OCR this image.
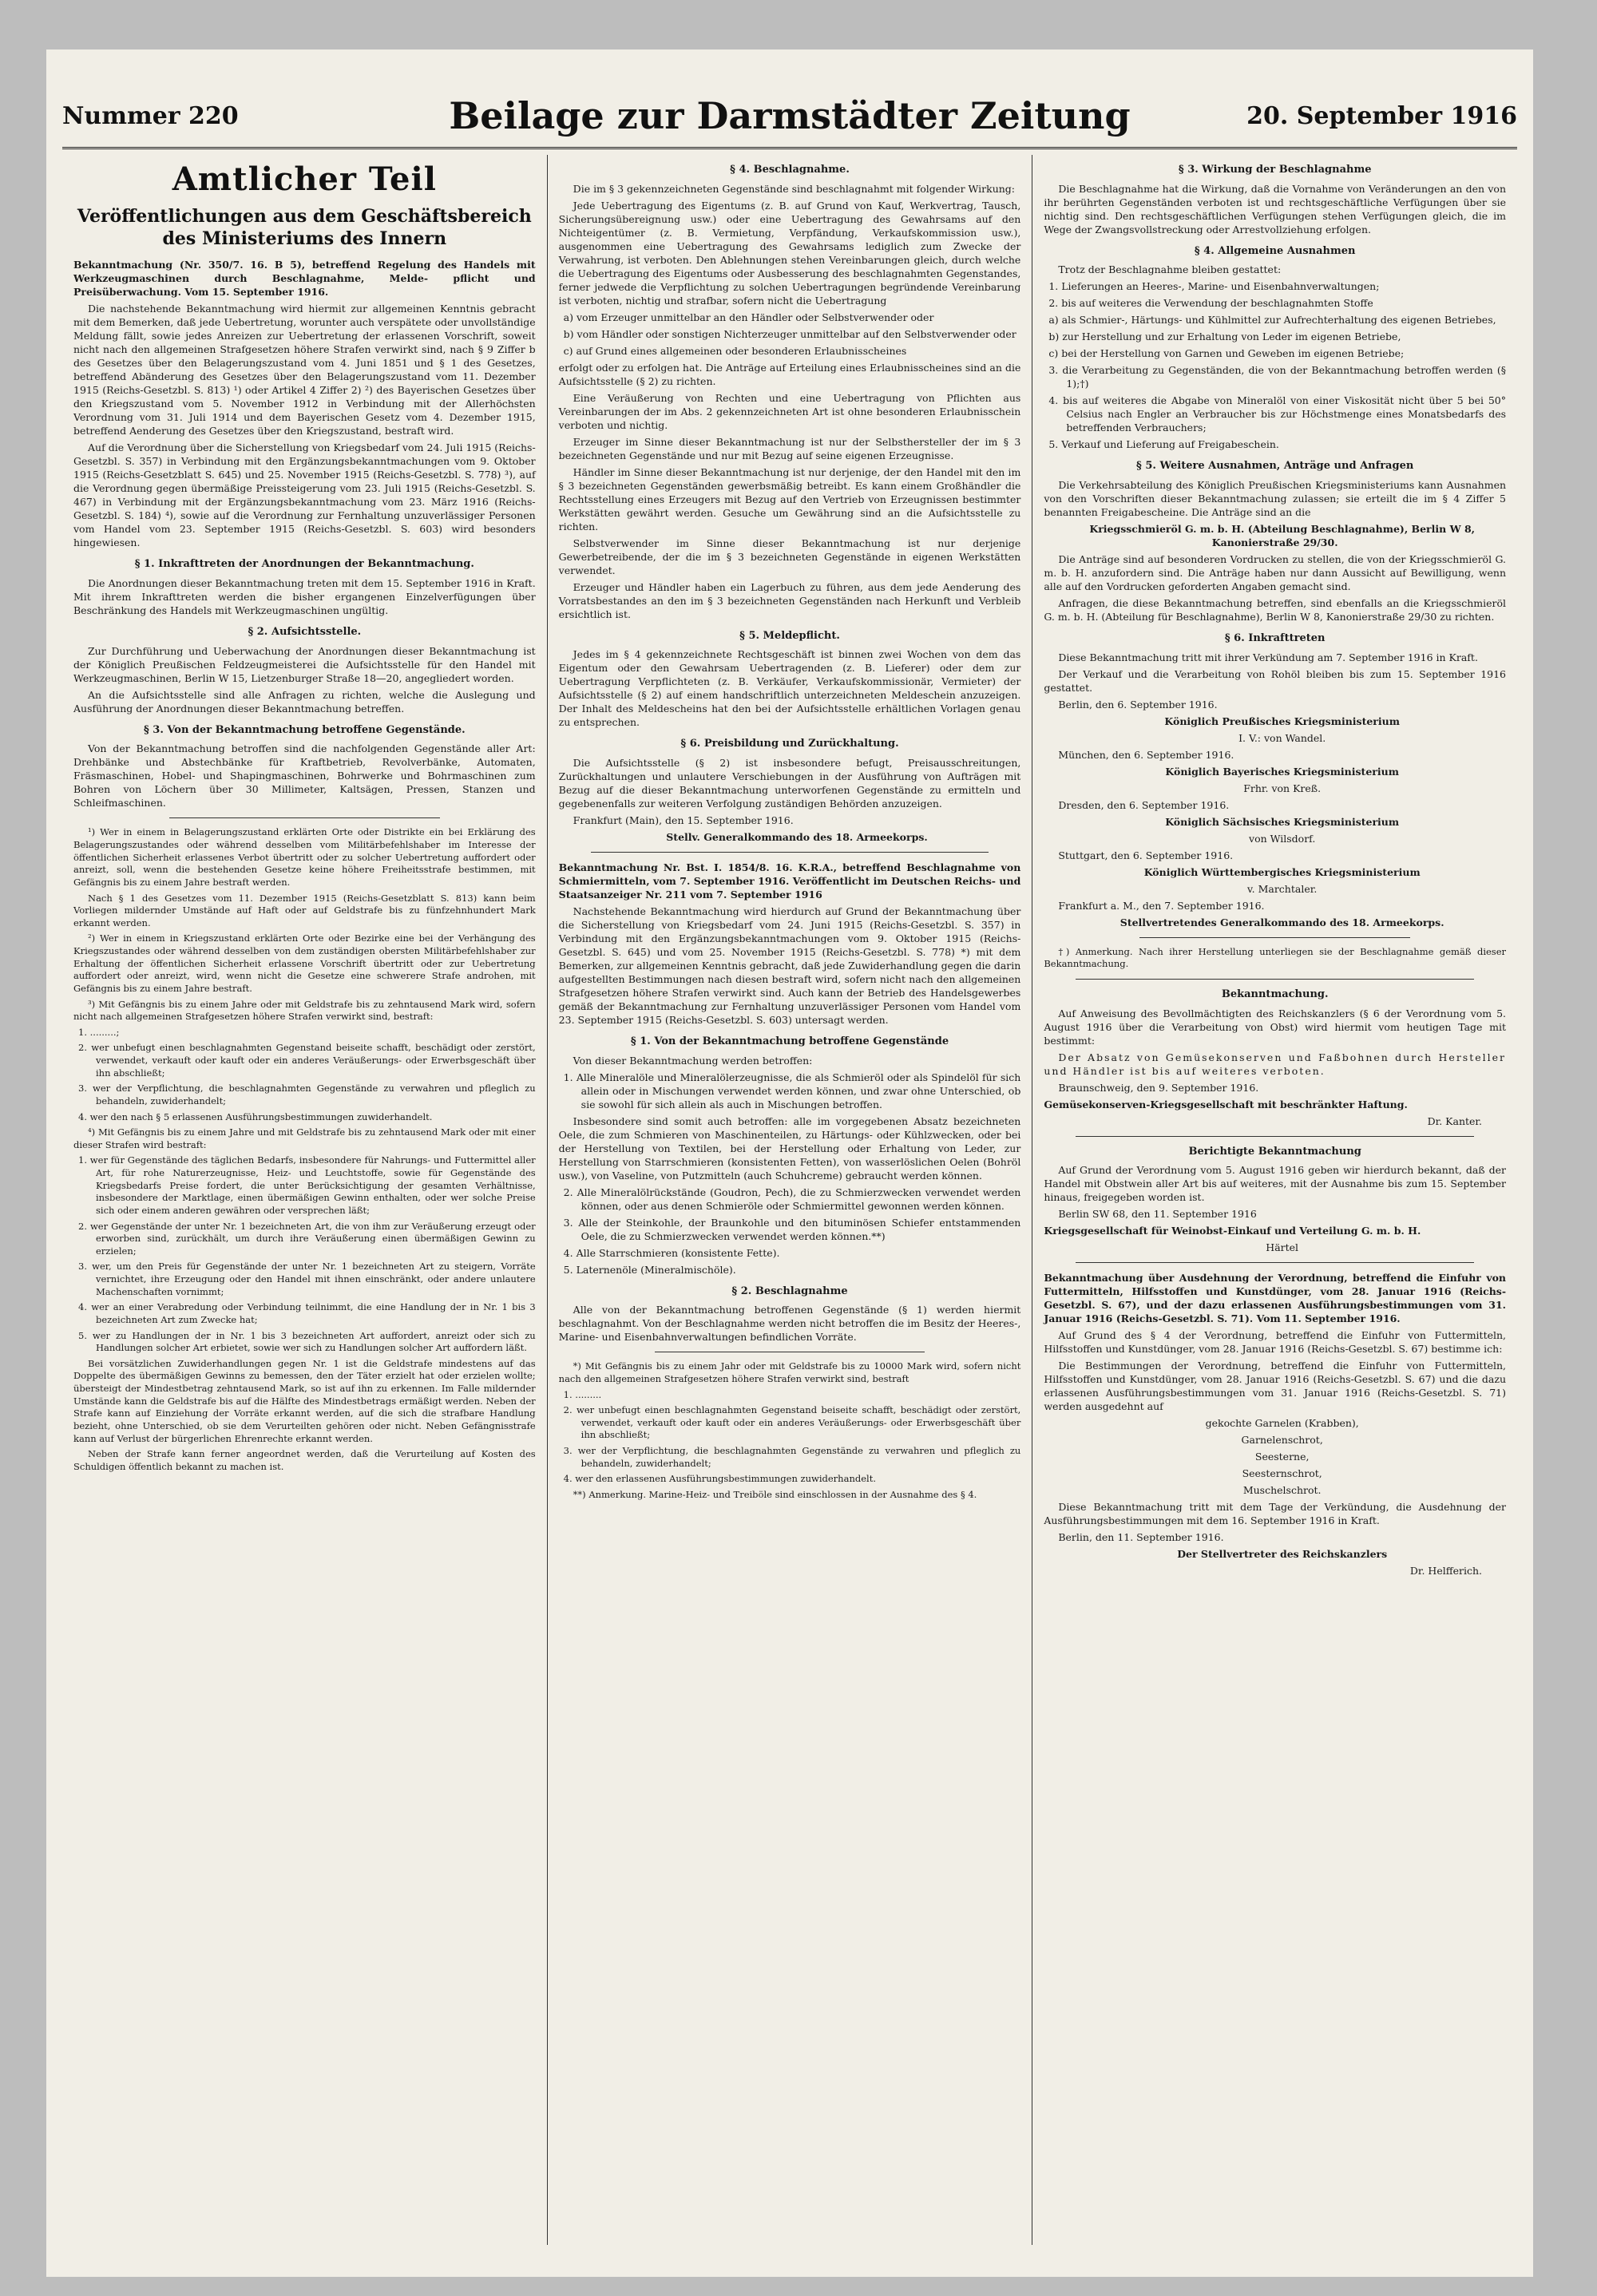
Nummer 220	Beilage zur Darmstädter Zeitung	20. September 1916
Amtlicher Teil
Veröffentlichungen aus dem Geschäftsbereich des Ministeriums des Innern

Bekanntmachung (Nr. 350/7. 16. B 5), betreffend Regelung des Handels mit Werkzeugmaschinen durch Beschlagnahme, Melde- pflicht und Preisüberwachung. Vom 15. September 1916.

Die nachstehende Bekanntmachung wird hiermit zur allgemeinen Kenntnis gebracht mit dem Bemerken, daß jede Uebertretung, worunter auch verspätete oder unvollständige Meldung fällt, sowie jedes Anreizen zur Uebertretung der erlassenen Vorschrift, soweit nicht nach den allgemeinen Strafgesetzen höhere Strafen verwirkt sind, nach § 9 Ziffer b des Gesetzes über den Belagerungszustand vom 4. Juni 1851 und § 1 des Gesetzes, betreffend Abänderung des Gesetzes über den Belagerungszustand vom 11. Dezember 1915 (Reichs-Gesetzbl. S. 813) ¹) oder Artikel 4 Ziffer 2) ²) des Bayerischen Gesetzes über den Kriegszustand vom 5. November 1912 in Verbindung mit der Allerhöchsten Verordnung vom 31. Juli 1914 und dem Bayerischen Gesetz vom 4. Dezember 1915, betreffend Aenderung des Gesetzes über den Kriegszustand, bestraft wird.

Auf die Verordnung über die Sicherstellung von Kriegsbedarf vom 24. Juli 1915 (Reichs-Gesetzbl. S. 357) in Verbindung mit den Ergänzungsbekanntmachungen vom 9. Oktober 1915 (Reichs-Gesetzblatt S. 645) und 25. November 1915 (Reichs-Gesetzbl. S. 778) ³), auf die Verordnung gegen übermäßige Preissteigerung vom 23. Juli 1915 (Reichs-Gesetzbl. S. 467) in Verbindung mit der Ergänzungsbekanntmachung vom 23. März 1916 (Reichs-Gesetzbl. S. 184) ⁴), sowie auf die Verordnung zur Fernhaltung unzuverlässiger Personen vom Handel vom 23. September 1915 (Reichs-Gesetzbl. S. 603) wird besonders hingewiesen.

§ 1. Inkrafttreten der Anordnungen der Bekanntmachung.

Die Anordnungen dieser Bekanntmachung treten mit dem 15. September 1916 in Kraft. Mit ihrem Inkrafttreten werden die bisher ergangenen Einzelverfügungen über Beschränkung des Handels mit Werkzeugmaschinen ungültig.

§ 2. Aufsichtsstelle.

Zur Durchführung und Ueberwachung der Anordnungen dieser Bekanntmachung ist der Königlich Preußischen Feldzeugmeisterei die Aufsichtsstelle für den Handel mit Werkzeugmaschinen, Berlin W 15, Lietzenburger Straße 18—20, angegliedert worden.

An die Aufsichtsstelle sind alle Anfragen zu richten, welche die Auslegung und Ausführung der Anordnungen dieser Bekanntmachung betreffen.

§ 3. Von der Bekanntmachung betroffene Gegenstände.

Von der Bekanntmachung betroffen sind die nachfolgenden Gegenstände aller Art: Drehbänke und Abstechbänke für Kraftbetrieb, Revolverbänke, Automaten, Fräsmaschinen, Hobel- und Shapingmaschinen, Bohrwerke und Bohrmaschinen zum Bohren von Löchern über 30 Millimeter, Kaltsägen, Pressen, Stanzen und Schleifmaschinen.

¹) Wer in einem in Belagerungszustand erklärten Orte oder Distrikte ein bei Erklärung des Belagerungszustandes oder während desselben vom Militärbefehlshaber im Interesse der öffentlichen Sicherheit erlassenes Verbot übertritt oder zu solcher Uebertretung auffordert oder anreizt, soll, wenn die bestehenden Gesetze keine höhere Freiheitsstrafe bestimmen, mit Gefängnis bis zu einem Jahre bestraft werden.

Nach § 1 des Gesetzes vom 11. Dezember 1915 (Reichs-Gesetzblatt S. 813) kann beim Vorliegen mildernder Umstände auf Haft oder auf Geldstrafe bis zu fünfzehnhundert Mark erkannt werden.

²) Wer in einem in Kriegszustand erklärten Orte oder Bezirke eine bei der Verhängung des Kriegszustandes oder während desselben von dem zuständigen obersten Militärbefehlshaber zur Erhaltung der öffentlichen Sicherheit erlassene Vorschrift übertritt oder zur Uebertretung auffordert oder anreizt, wird, wenn nicht die Gesetze eine schwerere Strafe androhen, mit Gefängnis bis zu einem Jahre bestraft.

³) Mit Gefängnis bis zu einem Jahre oder mit Geldstrafe bis zu zehntausend Mark wird, sofern nicht nach allgemeinen Strafgesetzen höhere Strafen verwirkt sind, bestraft:

1. .........;

2. wer unbefugt einen beschlagnahmten Gegenstand beiseite schafft, beschädigt oder zerstört, verwendet, verkauft oder kauft oder ein anderes Veräußerungs- oder Erwerbsgeschäft über ihn abschließt;

3. wer der Verpflichtung, die beschlagnahmten Gegenstände zu verwahren und pfleglich zu behandeln, zuwiderhandelt;

4. wer den nach § 5 erlassenen Ausführungsbestimmungen zuwiderhandelt.

⁴) Mit Gefängnis bis zu einem Jahre und mit Geldstrafe bis zu zehntausend Mark oder mit einer dieser Strafen wird bestraft:

1. wer für Gegenstände des täglichen Bedarfs, insbesondere für Nahrungs- und Futtermittel aller Art, für rohe Naturerzeugnisse, Heiz- und Leuchtstoffe, sowie für Gegenstände des Kriegsbedarfs Preise fordert, die unter Berücksichtigung der gesamten Verhältnisse, insbesondere der Marktlage, einen übermäßigen Gewinn enthalten, oder wer solche Preise sich oder einem anderen gewähren oder versprechen läßt;

2. wer Gegenstände der unter Nr. 1 bezeichneten Art, die von ihm zur Veräußerung erzeugt oder erworben sind, zurückhält, um durch ihre Veräußerung einen übermäßigen Gewinn zu erzielen;

3. wer, um den Preis für Gegenstände der unter Nr. 1 bezeichneten Art zu steigern, Vorräte vernichtet, ihre Erzeugung oder den Handel mit ihnen einschränkt, oder andere unlautere Machenschaften vornimmt;

4. wer an einer Verabredung oder Verbindung teilnimmt, die eine Handlung der in Nr. 1 bis 3 bezeichneten Art zum Zwecke hat;

5. wer zu Handlungen der in Nr. 1 bis 3 bezeichneten Art auffordert, anreizt oder sich zu Handlungen solcher Art erbietet, sowie wer sich zu Handlungen solcher Art auffordern läßt.

Bei vorsätzlichen Zuwiderhandlungen gegen Nr. 1 ist die Geldstrafe mindestens auf das Doppelte des übermäßigen Gewinns zu bemessen, den der Täter erzielt hat oder erzielen wollte; übersteigt der Mindestbetrag zehntausend Mark, so ist auf ihn zu erkennen. Im Falle mildernder Umstände kann die Geldstrafe bis auf die Hälfte des Mindestbetrags ermäßigt werden. Neben der Strafe kann auf Einziehung der Vorräte erkannt werden, auf die sich die strafbare Handlung bezieht, ohne Unterschied, ob sie dem Verurteilten gehören oder nicht. Neben Gefängnisstrafe kann auf Verlust der bürgerlichen Ehrenrechte erkannt werden.

Neben der Strafe kann ferner angeordnet werden, daß die Verurteilung auf Kosten des Schuldigen öffentlich bekannt zu machen ist.

§ 4. Beschlagnahme.

Die im § 3 gekennzeichneten Gegenstände sind beschlagnahmt mit folgender Wirkung:

Jede Uebertragung des Eigentums (z. B. auf Grund von Kauf, Werkvertrag, Tausch, Sicherungsübereignung usw.) oder eine Uebertragung des Gewahrsams auf den Nichteigentümer (z. B. Vermietung, Verpfändung, Verkaufskommission usw.), ausgenommen eine Uebertragung des Gewahrsams lediglich zum Zwecke der Verwahrung, ist verboten. Den Ablehnungen stehen Vereinbarungen gleich, durch welche die Uebertragung des Eigentums oder Ausbesserung des beschlagnahmten Gegenstandes, ferner jedwede die Verpflichtung zu solchen Uebertragungen begründende Vereinbarung ist verboten, nichtig und strafbar, sofern nicht die Uebertragung

a) vom Erzeuger unmittelbar an den Händler oder Selbstverwender oder

b) vom Händler oder sonstigen Nichterzeuger unmittelbar auf den Selbstverwender oder

c) auf Grund eines allgemeinen oder besonderen Erlaubnisscheines

erfolgt oder zu erfolgen hat. Die Anträge auf Erteilung eines Erlaubnisscheines sind an die Aufsichtsstelle (§ 2) zu richten.

Eine Veräußerung von Rechten und eine Uebertragung von Pflichten aus Vereinbarungen der im Abs. 2 gekennzeichneten Art ist ohne besonderen Erlaubnisschein verboten und nichtig.

Erzeuger im Sinne dieser Bekanntmachung ist nur der Selbsthersteller der im § 3 bezeichneten Gegenstände und nur mit Bezug auf seine eigenen Erzeugnisse.

Händler im Sinne dieser Bekanntmachung ist nur derjenige, der den Handel mit den im § 3 bezeichneten Gegenständen gewerbsmäßig betreibt. Es kann einem Großhändler die Rechtsstellung eines Erzeugers mit Bezug auf den Vertrieb von Erzeugnissen bestimmter Werkstätten gewährt werden. Gesuche um Gewährung sind an die Aufsichtsstelle zu richten.

Selbstverwender im Sinne dieser Bekanntmachung ist nur derjenige Gewerbetreibende, der die im § 3 bezeichneten Gegenstände in eigenen Werkstätten verwendet.

Erzeuger und Händler haben ein Lagerbuch zu führen, aus dem jede Aenderung des Vorratsbestandes an den im § 3 bezeichneten Gegenständen nach Herkunft und Verbleib ersichtlich ist.

§ 5. Meldepflicht.

Jedes im § 4 gekennzeichnete Rechtsgeschäft ist binnen zwei Wochen von dem das Eigentum oder den Gewahrsam Uebertragenden (z. B. Lieferer) oder dem zur Uebertragung Verpflichteten (z. B. Verkäufer, Verkaufskommissionär, Vermieter) der Aufsichtsstelle (§ 2) auf einem handschriftlich unterzeichneten Meldeschein anzuzeigen. Der Inhalt des Meldescheins hat den bei der Aufsichtsstelle erhältlichen Vorlagen genau zu entsprechen.

§ 6. Preisbildung und Zurückhaltung.

Die Aufsichtsstelle (§ 2) ist insbesondere befugt, Preisausschreitungen, Zurückhaltungen und unlautere Verschiebungen in der Ausführung von Aufträgen mit Bezug auf die dieser Bekanntmachung unterworfenen Gegenstände zu ermitteln und gegebenenfalls zur weiteren Verfolgung zuständigen Behörden anzuzeigen.

Frankfurt (Main), den 15. September 1916.

Stellv. Generalkommando des 18. Armeekorps.

Bekanntmachung Nr. Bst. I. 1854/8. 16. K.R.A., betreffend Beschlagnahme von Schmiermitteln, vom 7. September 1916. Veröffentlicht im Deutschen Reichs- und Staatsanzeiger Nr. 211 vom 7. September 1916

Nachstehende Bekanntmachung wird hierdurch auf Grund der Bekanntmachung über die Sicherstellung von Kriegsbedarf vom 24. Juni 1915 (Reichs-Gesetzbl. S. 357) in Verbindung mit den Ergänzungsbekanntmachungen vom 9. Oktober 1915 (Reichs-Gesetzbl. S. 645) und vom 25. November 1915 (Reichs-Gesetzbl. S. 778) *) mit dem Bemerken, zur allgemeinen Kenntnis gebracht, daß jede Zuwiderhandlung gegen die darin aufgestellten Bestimmungen nach diesen bestraft wird, sofern nicht nach den allgemeinen Strafgesetzen höhere Strafen verwirkt sind. Auch kann der Betrieb des Handelsgewerbes gemäß der Bekanntmachung zur Fernhaltung unzuverlässiger Personen vom Handel vom 23. September 1915 (Reichs-Gesetzbl. S. 603) untersagt werden.

§ 1. Von der Bekanntmachung betroffene Gegenstände

Von dieser Bekanntmachung werden betroffen:

1. Alle Mineralöle und Mineralölerzeugnisse, die als Schmieröl oder als Spindelöl für sich allein oder in Mischungen verwendet werden können, und zwar ohne Unterschied, ob sie sowohl für sich allein als auch in Mischungen betroffen.

Insbesondere sind somit auch betroffen: alle im vorgegebenen Absatz bezeichneten Oele, die zum Schmieren von Maschinenteilen, zu Härtungs- oder Kühlzwecken, oder bei der Herstellung von Textilen, bei der Herstellung oder Erhaltung von Leder, zur Herstellung von Starrschmieren (konsistenten Fetten), von wasserlöslichen Oelen (Bohröl usw.), von Vaseline, von Putzmitteln (auch Schuhcreme) gebraucht werden können.

2. Alle Mineralölrückstände (Goudron, Pech), die zu Schmierzwecken verwendet werden können, oder aus denen Schmieröle oder Schmiermittel gewonnen werden können.

3. Alle der Steinkohle, der Braunkohle und den bituminösen Schiefer entstammenden Oele, die zu Schmierzwecken verwendet werden können.**)

4. Alle Starrschmieren (konsistente Fette).

5. Laternenöle (Mineralmischöle).

§ 2. Beschlagnahme

Alle von der Bekanntmachung betroffenen Gegenstände (§ 1) werden hiermit beschlagnahmt. Von der Beschlagnahme werden nicht betroffen die im Besitz der Heeres-, Marine- und Eisenbahnverwaltungen befindlichen Vorräte.

*) Mit Gefängnis bis zu einem Jahr oder mit Geldstrafe bis zu 10000 Mark wird, sofern nicht nach den allgemeinen Strafgesetzen höhere Strafen verwirkt sind, bestraft

1. .........

2. wer unbefugt einen beschlagnahmten Gegenstand beiseite schafft, beschädigt oder zerstört, verwendet, verkauft oder kauft oder ein anderes Veräußerungs- oder Erwerbsgeschäft über ihn abschließt;

3. wer der Verpflichtung, die beschlagnahmten Gegenstände zu verwahren und pfleglich zu behandeln, zuwiderhandelt;

4. wer den erlassenen Ausführungsbestimmungen zuwiderhandelt.

**) Anmerkung. Marine-Heiz- und Treiböle sind einschlossen in der Ausnahme des § 4.

§ 3. Wirkung der Beschlagnahme

Die Beschlagnahme hat die Wirkung, daß die Vornahme von Veränderungen an den von ihr berührten Gegenständen verboten ist und rechtsgeschäftliche Verfügungen über sie nichtig sind. Den rechtsgeschäftlichen Verfügungen stehen Verfügungen gleich, die im Wege der Zwangsvollstreckung oder Arrestvollziehung erfolgen.

§ 4. Allgemeine Ausnahmen

Trotz der Beschlagnahme bleiben gestattet:

1. Lieferungen an Heeres-, Marine- und Eisenbahnverwaltungen;

2. bis auf weiteres die Verwendung der beschlagnahmten Stoffe

a) als Schmier-, Härtungs- und Kühlmittel zur Aufrechterhaltung des eigenen Betriebes,

b) zur Herstellung und zur Erhaltung von Leder im eigenen Betriebe,

c) bei der Herstellung von Garnen und Geweben im eigenen Betriebe;

3. die Verarbeitung zu Gegenständen, die von der Bekanntmachung betroffen werden (§ 1);†)

4. bis auf weiteres die Abgabe von Mineralöl von einer Viskosität nicht über 5 bei 50° Celsius nach Engler an Verbraucher bis zur Höchstmenge eines Monatsbedarfs des betreffenden Verbrauchers;

5. Verkauf und Lieferung auf Freigabeschein.

§ 5. Weitere Ausnahmen, Anträge und Anfragen

Die Verkehrsabteilung des Königlich Preußischen Kriegsministeriums kann Ausnahmen von den Vorschriften dieser Bekanntmachung zulassen; sie erteilt die im § 4 Ziffer 5 benannten Freigabescheine. Die Anträge sind an die

Kriegsschmieröl G. m. b. H. (Abteilung Beschlagnahme), Berlin W 8, Kanonierstraße 29/30.

Die Anträge sind auf besonderen Vordrucken zu stellen, die von der Kriegsschmieröl G. m. b. H. anzufordern sind. Die Anträge haben nur dann Aussicht auf Bewilligung, wenn alle auf den Vordrucken geforderten Angaben gemacht sind.

Anfragen, die diese Bekanntmachung betreffen, sind ebenfalls an die Kriegsschmieröl G. m. b. H. (Abteilung für Beschlagnahme), Berlin W 8, Kanonierstraße 29/30 zu richten.

§ 6. Inkrafttreten

Diese Bekanntmachung tritt mit ihrer Verkündung am 7. September 1916 in Kraft.

Der Verkauf und die Verarbeitung von Rohöl bleiben bis zum 15. September 1916 gestattet.

Berlin, den 6. September 1916.

Königlich Preußisches Kriegsministerium

I. V.: von Wandel.

München, den 6. September 1916.

Königlich Bayerisches Kriegsministerium

Frhr. von Kreß.

Dresden, den 6. September 1916.

Königlich Sächsisches Kriegsministerium

von Wilsdorf.

Stuttgart, den 6. September 1916.

Königlich Württembergisches Kriegsministerium

v. Marchtaler.

Frankfurt a. M., den 7. September 1916.

Stellvertretendes Generalkommando des 18. Armeekorps.

†) Anmerkung. Nach ihrer Herstellung unterliegen sie der Beschlagnahme gemäß dieser Bekanntmachung.

Bekanntmachung.

Auf Anweisung des Bevollmächtigten des Reichskanzlers (§ 6 der Verordnung vom 5. August 1916 über die Verarbeitung von Obst) wird hiermit vom heutigen Tage mit bestimmt:

Der Absatz von Gemüsekonserven und Faßbohnen durch Hersteller und Händler ist bis auf weiteres verboten.

Braunschweig, den 9. September 1916.

Gemüsekonserven-Kriegsgesellschaft mit beschränkter Haftung.

Dr. Kanter.

Berichtigte Bekanntmachung

Auf Grund der Verordnung vom 5. August 1916 geben wir hierdurch bekannt, daß der Handel mit Obstwein aller Art bis auf weiteres, mit der Ausnahme bis zum 15. September hinaus, freigegeben worden ist.

Berlin SW 68, den 11. September 1916

Kriegsgesellschaft für Weinobst-Einkauf und Verteilung G. m. b. H.

Härtel

Bekanntmachung über Ausdehnung der Verordnung, betreffend die Einfuhr von Futtermitteln, Hilfsstoffen und Kunstdünger, vom 28. Januar 1916 (Reichs-Gesetzbl. S. 67), und der dazu erlassenen Ausführungsbestimmungen vom 31. Januar 1916 (Reichs-Gesetzbl. S. 71). Vom 11. September 1916.

Auf Grund des § 4 der Verordnung, betreffend die Einfuhr von Futtermitteln, Hilfsstoffen und Kunstdünger, vom 28. Januar 1916 (Reichs-Gesetzbl. S. 67) bestimme ich:

Die Bestimmungen der Verordnung, betreffend die Einfuhr von Futtermitteln, Hilfsstoffen und Kunstdünger, vom 28. Januar 1916 (Reichs-Gesetzbl. S. 67) und die dazu erlassenen Ausführungsbestimmungen vom 31. Januar 1916 (Reichs-Gesetzbl. S. 71) werden ausgedehnt auf

gekochte Garnelen (Krabben),

Garnelenschrot,

Seesterne,

Seesternschrot,

Muschelschrot.

Diese Bekanntmachung tritt mit dem Tage der Verkündung, die Ausdehnung der Ausführungsbestimmungen mit dem 16. September 1916 in Kraft.

Berlin, den 11. September 1916.

Der Stellvertreter des Reichskanzlers

Dr. Helfferich.
